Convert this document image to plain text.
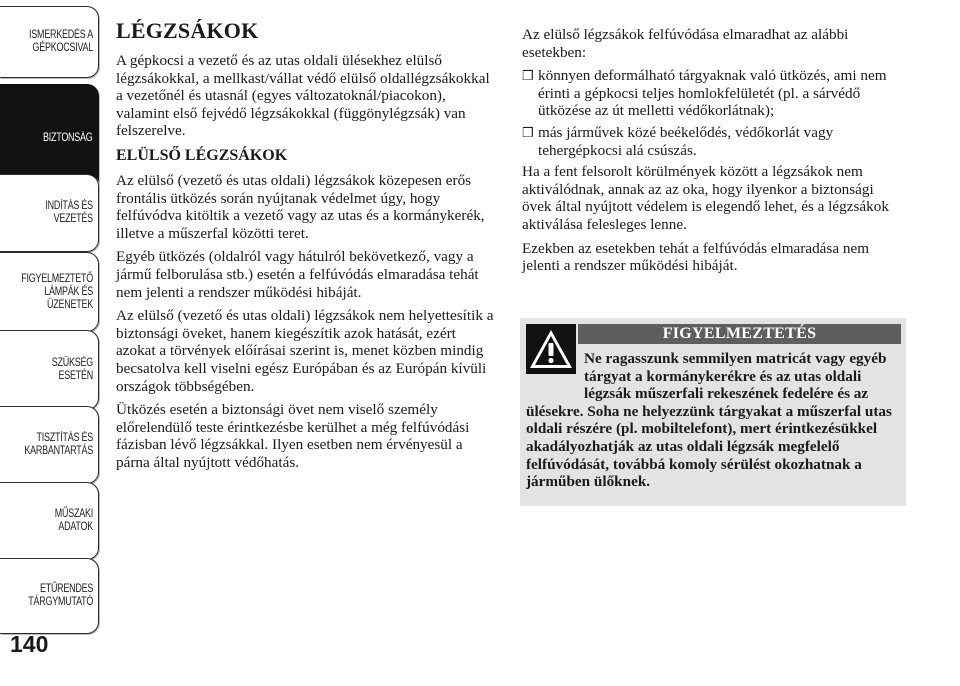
ISMERKEDÉS A
GÉPKOCSIVAL
BIZTONSÁG
INDÍTÁS ÉS
VEZETÉS
FIGYELMEZTETŐ
LÁMPÁK ÉS
ÜZENETEK
SZÜKSÉG ESETÉN
TISZTÍTÁS ÉS
KARBANTARTÁS
MŰSZAKI ADATOK
ETŰRENDES
TÁRGYMUTATÓ
140
LÉGZSÁKOK

A gépkocsi a vezető és az utas oldali ülésekhez elülső légzsákokkal, a mellkast/vállat védő elülső oldallégzsákokkal a vezetőnél és utasnál (egyes változatoknál/piacokon), valamint első fejvédő légzsákokkal (függönylégzsák) van felszerelve.

ELÜLSŐ LÉGZSÁKOK

Az elülső (vezető és utas oldali) légzsákok közepesen erős frontális ütközés során nyújtanak védelmet úgy, hogy felfúvódva kitöltik a vezető vagy az utas és a kormánykerék, illetve a műszerfal közötti teret.

Egyéb ütközés (oldalról vagy hátulról bekövetkező, vagy a jármű felborulása stb.) esetén a felfúvódás elmaradása tehát nem jelenti a rendszer működési hibáját.

Az elülső (vezető és utas oldali) légzsákok nem helyettesítik a biztonsági öveket, hanem kiegészítik azok hatását, ezért azokat a törvények előírásai szerint is, menet közben mindig becsatolva kell viselni egész Európában és az Európán kívüli országok többségében.

Ütközés esetén a biztonsági övet nem viselő személy előrelendülő teste érintkezésbe kerülhet a még felfúvódási fázisban lévő légzsákkal. Ilyen esetben nem érvényesül a párna által nyújtott védőhatás.

Az elülső légzsákok felfúvódása elmaradhat az alábbi esetekben:

❒ könnyen deformálható tárgyaknak való ütközés, ami nem érinti a gépkocsi teljes homlokfelületét (pl. a sárvédő ütközése az út melletti védőkorlátnak);
❒ más járművek közé beékelődés, védőkorlát vagy tehergépkocsi alá csúszás.

Ha a fent felsorolt körülmények között a légzsákok nem aktiválódnak, annak az az oka, hogy ilyenkor a biztonsági övek által nyújtott védelem is elegendő lehet, és a légzsákok aktiválása felesleges lenne.

Ezekben az esetekben tehát a felfúvódás elmaradása nem jelenti a rendszer működési hibáját.

FIGYELMEZTETÉS
Ne ragasszunk semmilyen matricát vagy egyéb tárgyat a kormánykerékre és az utas oldali légzsák műszerfali rekeszének fedelére és az ülésekre. Soha ne helyezzünk tárgyakat a műszerfal utas oldali részére (pl. mobiltelefont), mert érintkezésükkel akadályozhatják az utas oldali légzsák megfelelő felfúvódását, továbbá komoly sérülést okozhatnak a járműben ülőknek.
